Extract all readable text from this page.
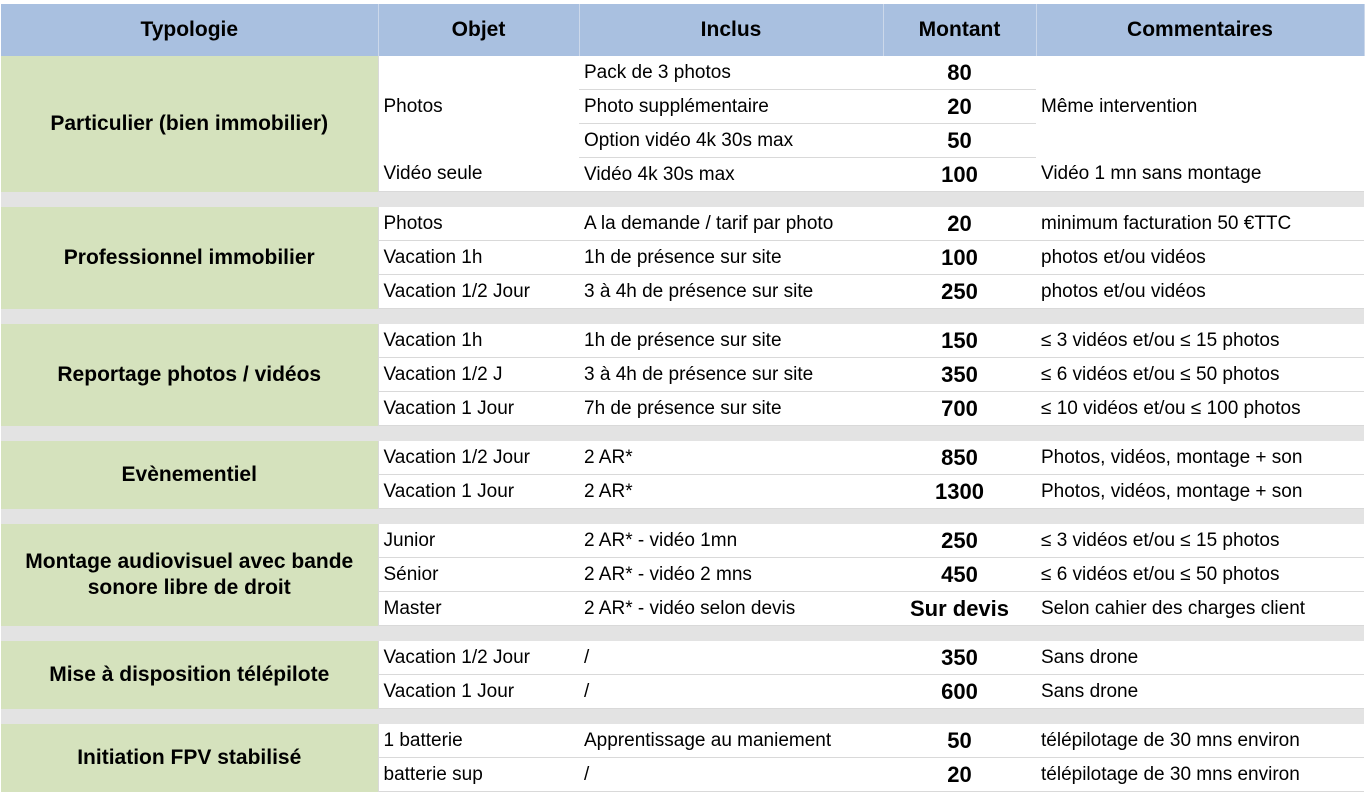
Typologie	Objet	Inclus	Montant	Commentaires
Particulier (bien immobilier)	Photos	Pack de 3 photos	80	Même intervention
		Photo supplémentaire	20	
		Option vidéo 4k 30s max	50	
	Vidéo seule	Vidéo 4k 30s max	100	Vidéo 1 mn sans montage

Professionnel immobilier	Photos	A la demande / tarif par photo	20	minimum facturation 50 €TTC
	Vacation 1h	1h de présence sur site	100	photos et/ou vidéos
	Vacation 1/2 Jour	3 à 4h de présence sur site	250	photos et/ou vidéos

Reportage photos / vidéos	Vacation 1h	1h de présence sur site	150	≤ 3 vidéos et/ou ≤ 15 photos
	Vacation 1/2 J	3 à 4h de présence sur site	350	≤ 6 vidéos et/ou ≤ 50 photos
	Vacation 1 Jour	7h de présence sur site	700	≤ 10 vidéos et/ou ≤ 100 photos

Evènementiel	Vacation 1/2 Jour	2 AR*	850	Photos, vidéos, montage + son
	Vacation 1 Jour	2 AR*	1300	Photos, vidéos, montage + son

Montage audiovisuel avec bande sonore libre de droit	Junior	2 AR* - vidéo 1mn	250	≤ 3 vidéos et/ou ≤ 15 photos
	Sénior	2 AR* - vidéo 2 mns	450	≤ 6 vidéos et/ou ≤ 50 photos
	Master	2 AR* - vidéo selon devis	Sur devis	Selon cahier des charges client

Mise à disposition télépilote	Vacation 1/2 Jour	/	350	Sans drone
	Vacation 1 Jour	/	600	Sans drone

Initiation FPV stabilisé	1 batterie	Apprentissage au maniement	50	télépilotage de 30 mns environ
	batterie sup	/	20	télépilotage de 30 mns environ
